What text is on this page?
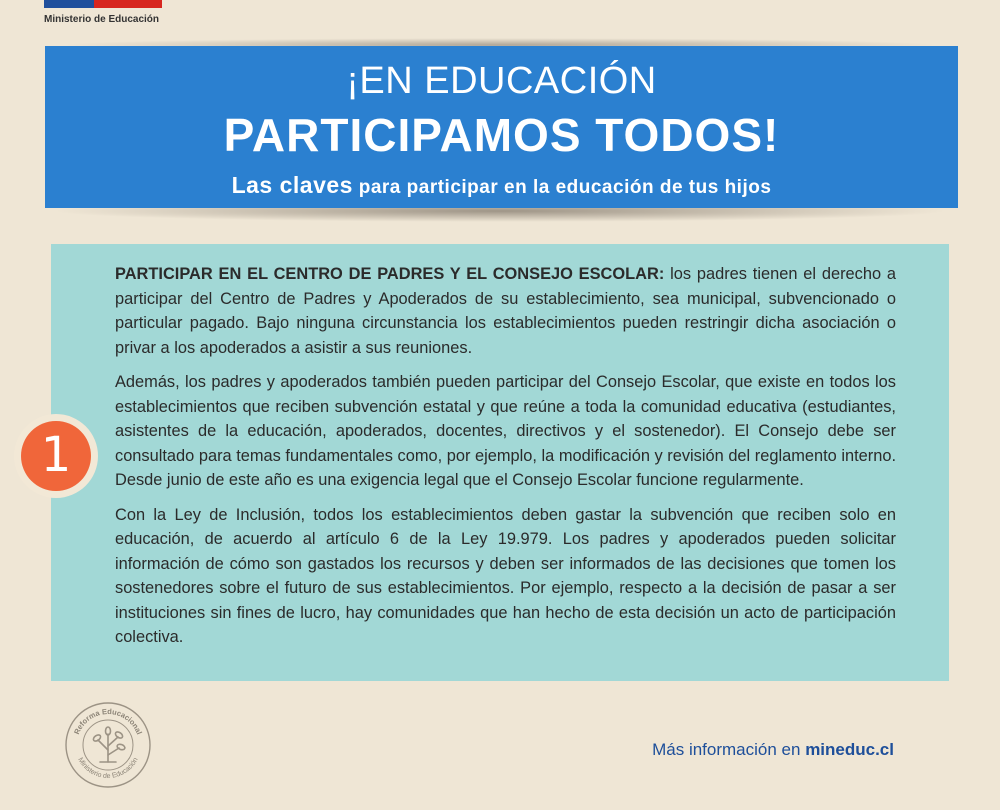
Ministerio de Educación
¡EN EDUCACIÓN
PARTICIPAMOS TODOS!
Las claves para participar en la educación de tus hijos

PARTICIPAR EN EL CENTRO DE PADRES Y EL CONSEJO ESCOLAR: los padres tienen el derecho a participar del Centro de Padres y Apoderados de su establecimiento, sea municipal, subvencionado o particular pagado. Bajo ninguna circunstancia los establecimientos pueden restringir dicha asociación o privar a los apoderados a asistir a sus reuniones.

Además, los padres y apoderados también pueden participar del Consejo Escolar, que existe en todos los establecimientos que reciben subvención estatal y que reúne a toda la comunidad educativa (estudiantes, asistentes de la educación, apoderados, docentes, directivos y el sostenedor). El Consejo debe ser consultado para temas fundamentales como, por ejemplo, la modificación y revisión del reglamento interno. Desde junio de este año es una exigencia legal que el Consejo Escolar funcione regularmente.

Con la Ley de Inclusión, todos los establecimientos deben gastar la subvención que reciben solo en educación, de acuerdo al artículo 6 de la Ley 19.979. Los padres y apoderados pueden solicitar información de cómo son gastados los recursos y deben ser informados de las decisiones que tomen los sostenedores sobre el futuro de sus establecimientos. Por ejemplo, respecto a la decisión de pasar a ser instituciones sin fines de lucro, hay comunidades que han hecho de esta decisión un acto de participación colectiva.

1
Reforma Educacional
Ministerio de Educación
Más información en mineduc.cl
